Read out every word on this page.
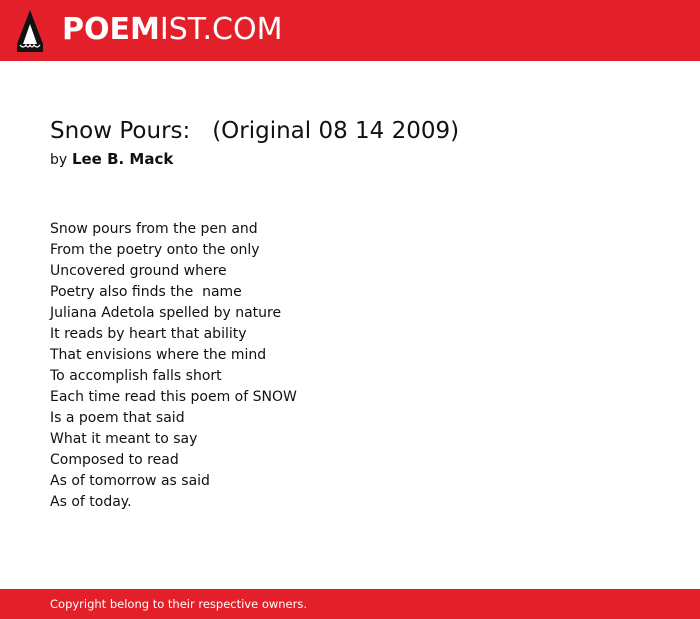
POEMIST.COM
Snow Pours:   (Original 08 14 2009)
by Lee B. Mack
Snow pours from the pen and
From the poetry onto the only
Uncovered ground where
Poetry also finds the  name
Juliana Adetola spelled by nature
It reads by heart that ability
That envisions where the mind
To accomplish falls short
Each time read this poem of SNOW
Is a poem that said
What it meant to say
Composed to read
As of tomorrow as said
As of today.
Copyright belong to their respective owners.
